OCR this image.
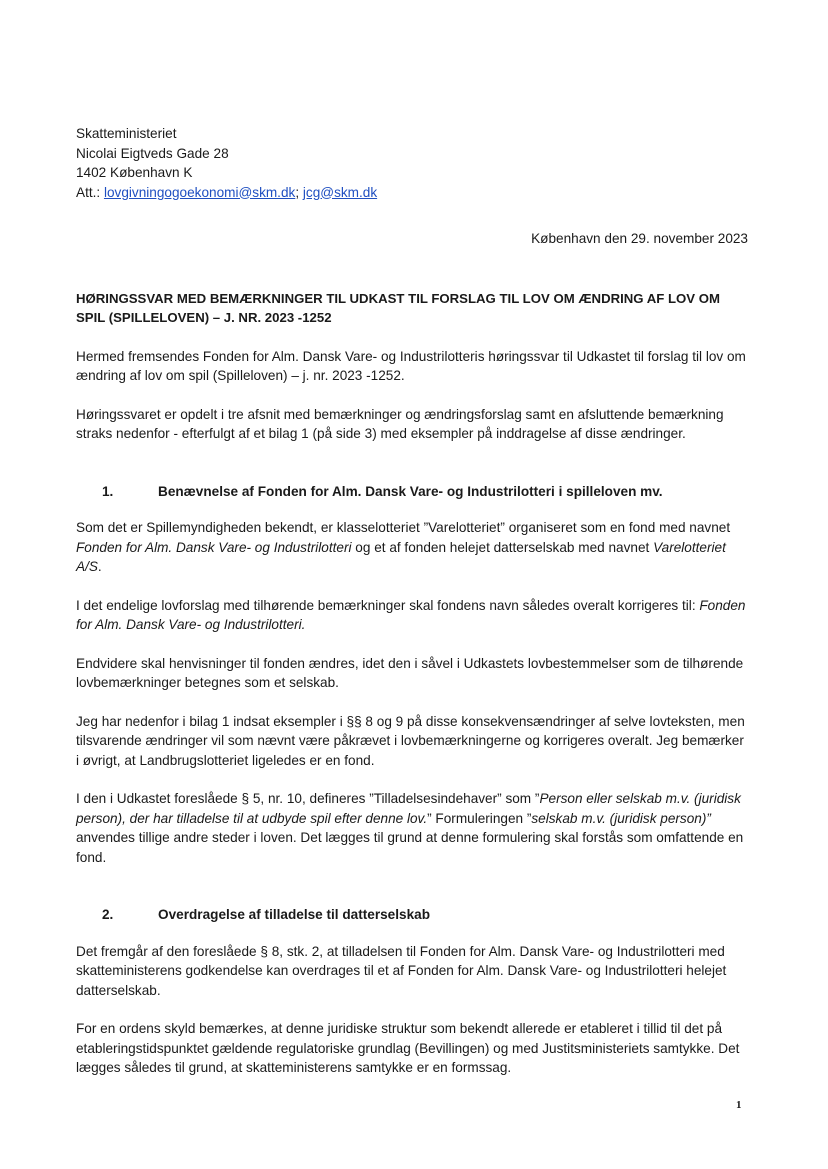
Skatteministeriet
Nicolai Eigtveds Gade 28
1402 København K
Att.: lovgivningogoekonomi@skm.dk; jcg@skm.dk
København den 29. november 2023
HØRINGSSVAR MED BEMÆRKNINGER TIL UDKAST TIL FORSLAG TIL LOV OM ÆNDRING AF LOV OM SPIL (SPILLELOVEN) – J. NR. 2023 -1252

Hermed fremsendes Fonden for Alm. Dansk Vare- og Industrilotteris høringssvar til Udkastet til forslag til lov om ændring af lov om spil (Spilleloven) – j. nr. 2023 -1252.

Høringssvaret er opdelt i tre afsnit med bemærkninger og ændringsforslag samt en afsluttende bemærkning straks nedenfor - efterfulgt af et bilag 1 (på side 3) med eksempler på inddragelse af disse ændringer.

1.	Benævnelse af Fonden for Alm. Dansk Vare- og Industrilotteri i spilleloven mv.

Som det er Spillemyndigheden bekendt, er klasselotteriet ”Varelotteriet” organiseret som en fond med navnet Fonden for Alm. Dansk Vare- og Industrilotteri og et af fonden helejet datterselskab med navnet Varelotteriet A/S.

I det endelige lovforslag med tilhørende bemærkninger skal fondens navn således overalt korrigeres til: Fonden for Alm. Dansk Vare- og Industrilotteri.

Endvidere skal henvisninger til fonden ændres, idet den i såvel i Udkastets lovbestemmelser som de tilhørende lovbemærkninger betegnes som et selskab.

Jeg har nedenfor i bilag 1 indsat eksempler i §§ 8 og 9 på disse konsekvensændringer af selve lovteksten, men tilsvarende ændringer vil som nævnt være påkrævet i lovbemærkningerne og korrigeres overalt. Jeg bemærker i øvrigt, at Landbrugslotteriet ligeledes er en fond.

I den i Udkastet foreslåede § 5, nr. 10, defineres ”Tilladelsesindehaver” som ”Person eller selskab m.v. (juridisk person), der har tilladelse til at udbyde spil efter denne lov.” Formuleringen ”selskab m.v. (juridisk person)” anvendes tillige andre steder i loven. Det lægges til grund at denne formulering skal forstås som omfattende en fond.

2.	Overdragelse af tilladelse til datterselskab

Det fremgår af den foreslåede § 8, stk. 2, at tilladelsen til Fonden for Alm. Dansk Vare- og Industrilotteri med skatteministerens godkendelse kan overdrages til et af Fonden for Alm. Dansk Vare- og Industrilotteri helejet datterselskab.

For en ordens skyld bemærkes, at denne juridiske struktur som bekendt allerede er etableret i tillid til det på etableringstidspunktet gældende regulatoriske grundlag (Bevillingen) og med Justitsministeriets samtykke. Det lægges således til grund, at skatteministerens samtykke er en formssag.

1
